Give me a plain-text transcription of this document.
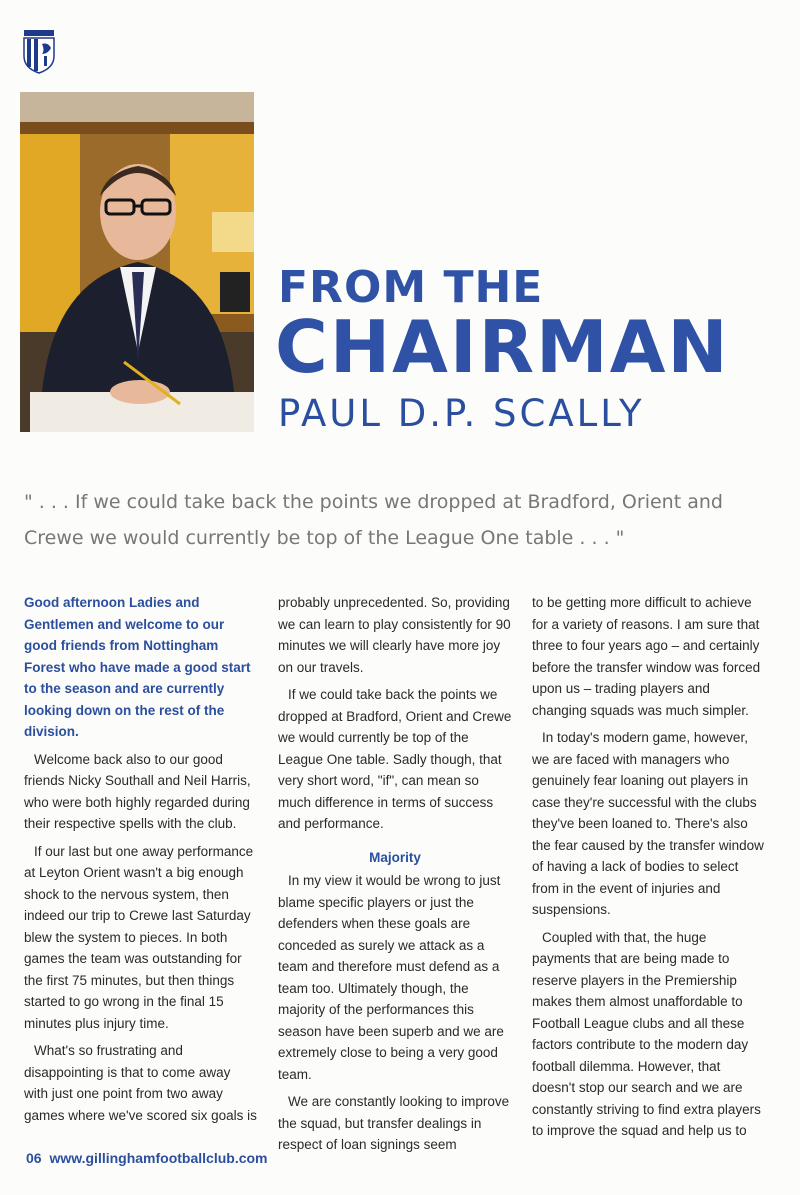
FROM THE
CHAIRMAN
PAUL D.P. SCALLY

" . . . If we could take back the points we dropped at Bradford, Orient and Crewe we would currently be top of the League One table . . . "

Good afternoon Ladies and Gentlemen and welcome to our good friends from Nottingham Forest who have made a good start to the season and are currently looking down on the rest of the division.

Welcome back also to our good friends Nicky Southall and Neil Harris, who were both highly regarded during their respective spells with the club.

If our last but one away performance at Leyton Orient wasn't a big enough shock to the nervous system, then indeed our trip to Crewe last Saturday blew the system to pieces. In both games the team was outstanding for the first 75 minutes, but then things started to go wrong in the final 15 minutes plus injury time.

What's so frustrating and disappointing is that to come away with just one point from two away games where we've scored six goals is

probably unprecedented. So, providing we can learn to play consistently for 90 minutes we will clearly have more joy on our travels.

If we could take back the points we dropped at Bradford, Orient and Crewe we would currently be top of the League One table. Sadly though, that very short word, "if", can mean so much difference in terms of success and performance.

Majority

In my view it would be wrong to just blame specific players or just the defenders when these goals are conceded as surely we attack as a team and therefore must defend as a team too. Ultimately though, the majority of the performances this season have been superb and we are extremely close to being a very good team.

We are constantly looking to improve the squad, but transfer dealings in respect of loan signings seem

to be getting more difficult to achieve for a variety of reasons. I am sure that three to four years ago – and certainly before the transfer window was forced upon us – trading players and changing squads was much simpler.

In today's modern game, however, we are faced with managers who genuinely fear loaning out players in case they're successful with the clubs they've been loaned to. There's also the fear caused by the transfer window of having a lack of bodies to select from in the event of injuries and suspensions.

Coupled with that, the huge payments that are being made to reserve players in the Premiership makes them almost unaffordable to Football League clubs and all these factors contribute to the modern day football dilemma. However, that doesn't stop our search and we are constantly striving to find extra players to improve the squad and help us to

06 www.gillinghamfootballclub.com
